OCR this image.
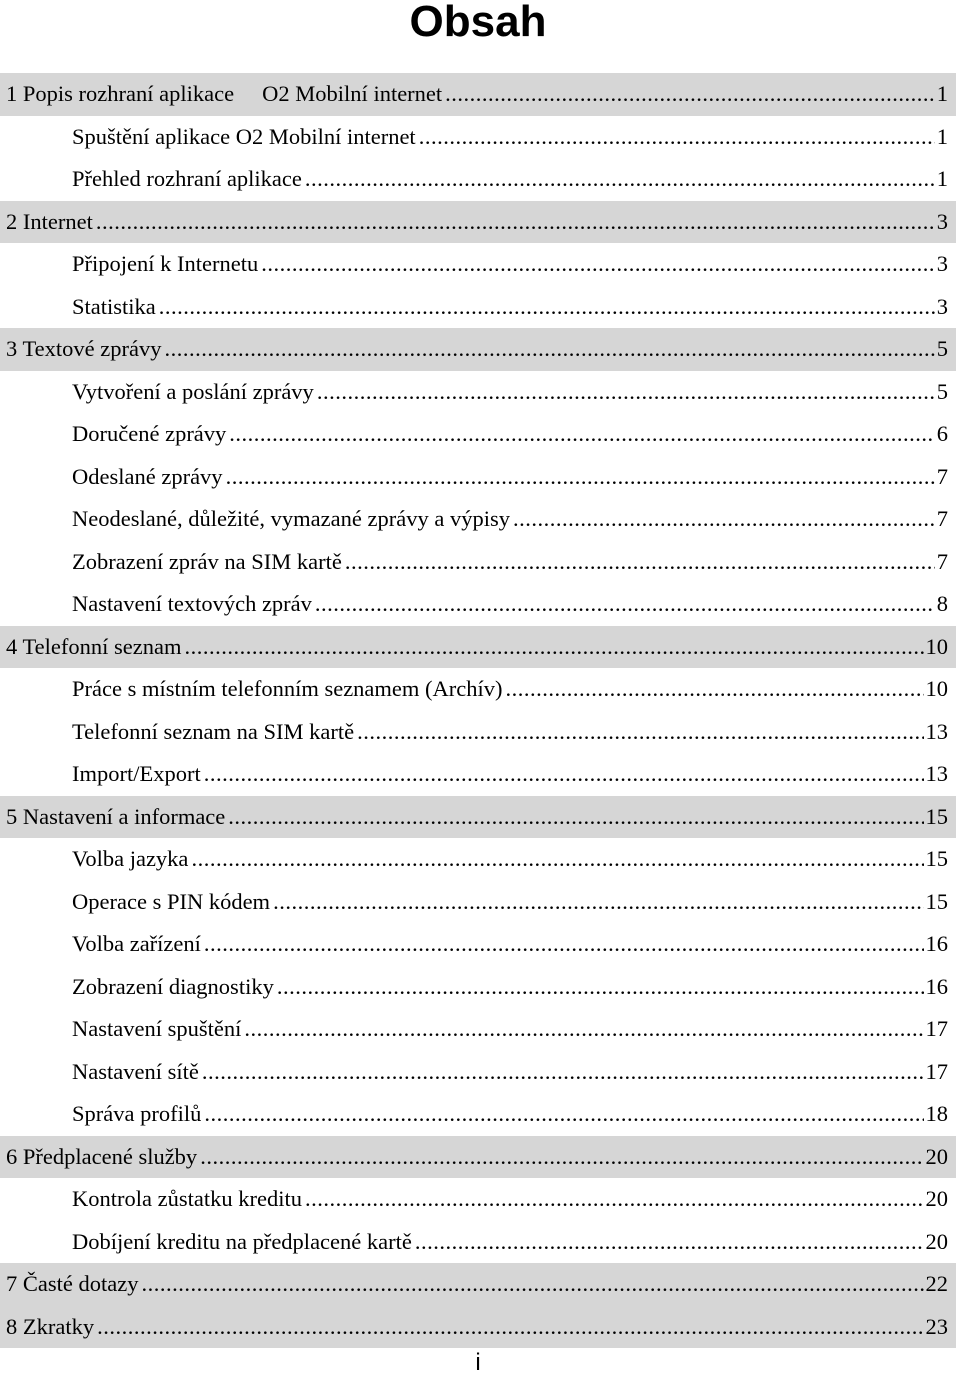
Obsah
1 Popis rozhraní aplikace     O2 Mobilní internet .....	1
Spuštění aplikace O2 Mobilní internet .....	1
Přehled rozhraní aplikace .....	1
2 Internet .....	3
Připojení k Internetu .....	3
Statistika .....	3
3 Textové zprávy .....	5
Vytvoření a poslání zprávy .....	5
Doručené zprávy .....	6
Odeslané zprávy .....	7
Neodeslané, důležité, vymazané zprávy a výpisy .....	7
Zobrazení zpráv na SIM kartě .....	7
Nastavení textových zpráv .....	8
4 Telefonní seznam .....	10
Práce s místním telefonním seznamem (Archív) .....	10
Telefonní seznam na SIM kartě .....	13
Import/Export .....	13
5 Nastavení a informace .....	15
Volba jazyka .....	15
Operace s PIN kódem .....	15
Volba zařízení .....	16
Zobrazení diagnostiky .....	16
Nastavení spuštění .....	17
Nastavení sítě .....	17
Správa profilů .....	18
6 Předplacené služby .....	20
Kontrola zůstatku kreditu .....	20
Dobíjení kreditu na předplacené kartě .....	20
7 Časté dotazy .....	22
8 Zkratky .....	23
i
